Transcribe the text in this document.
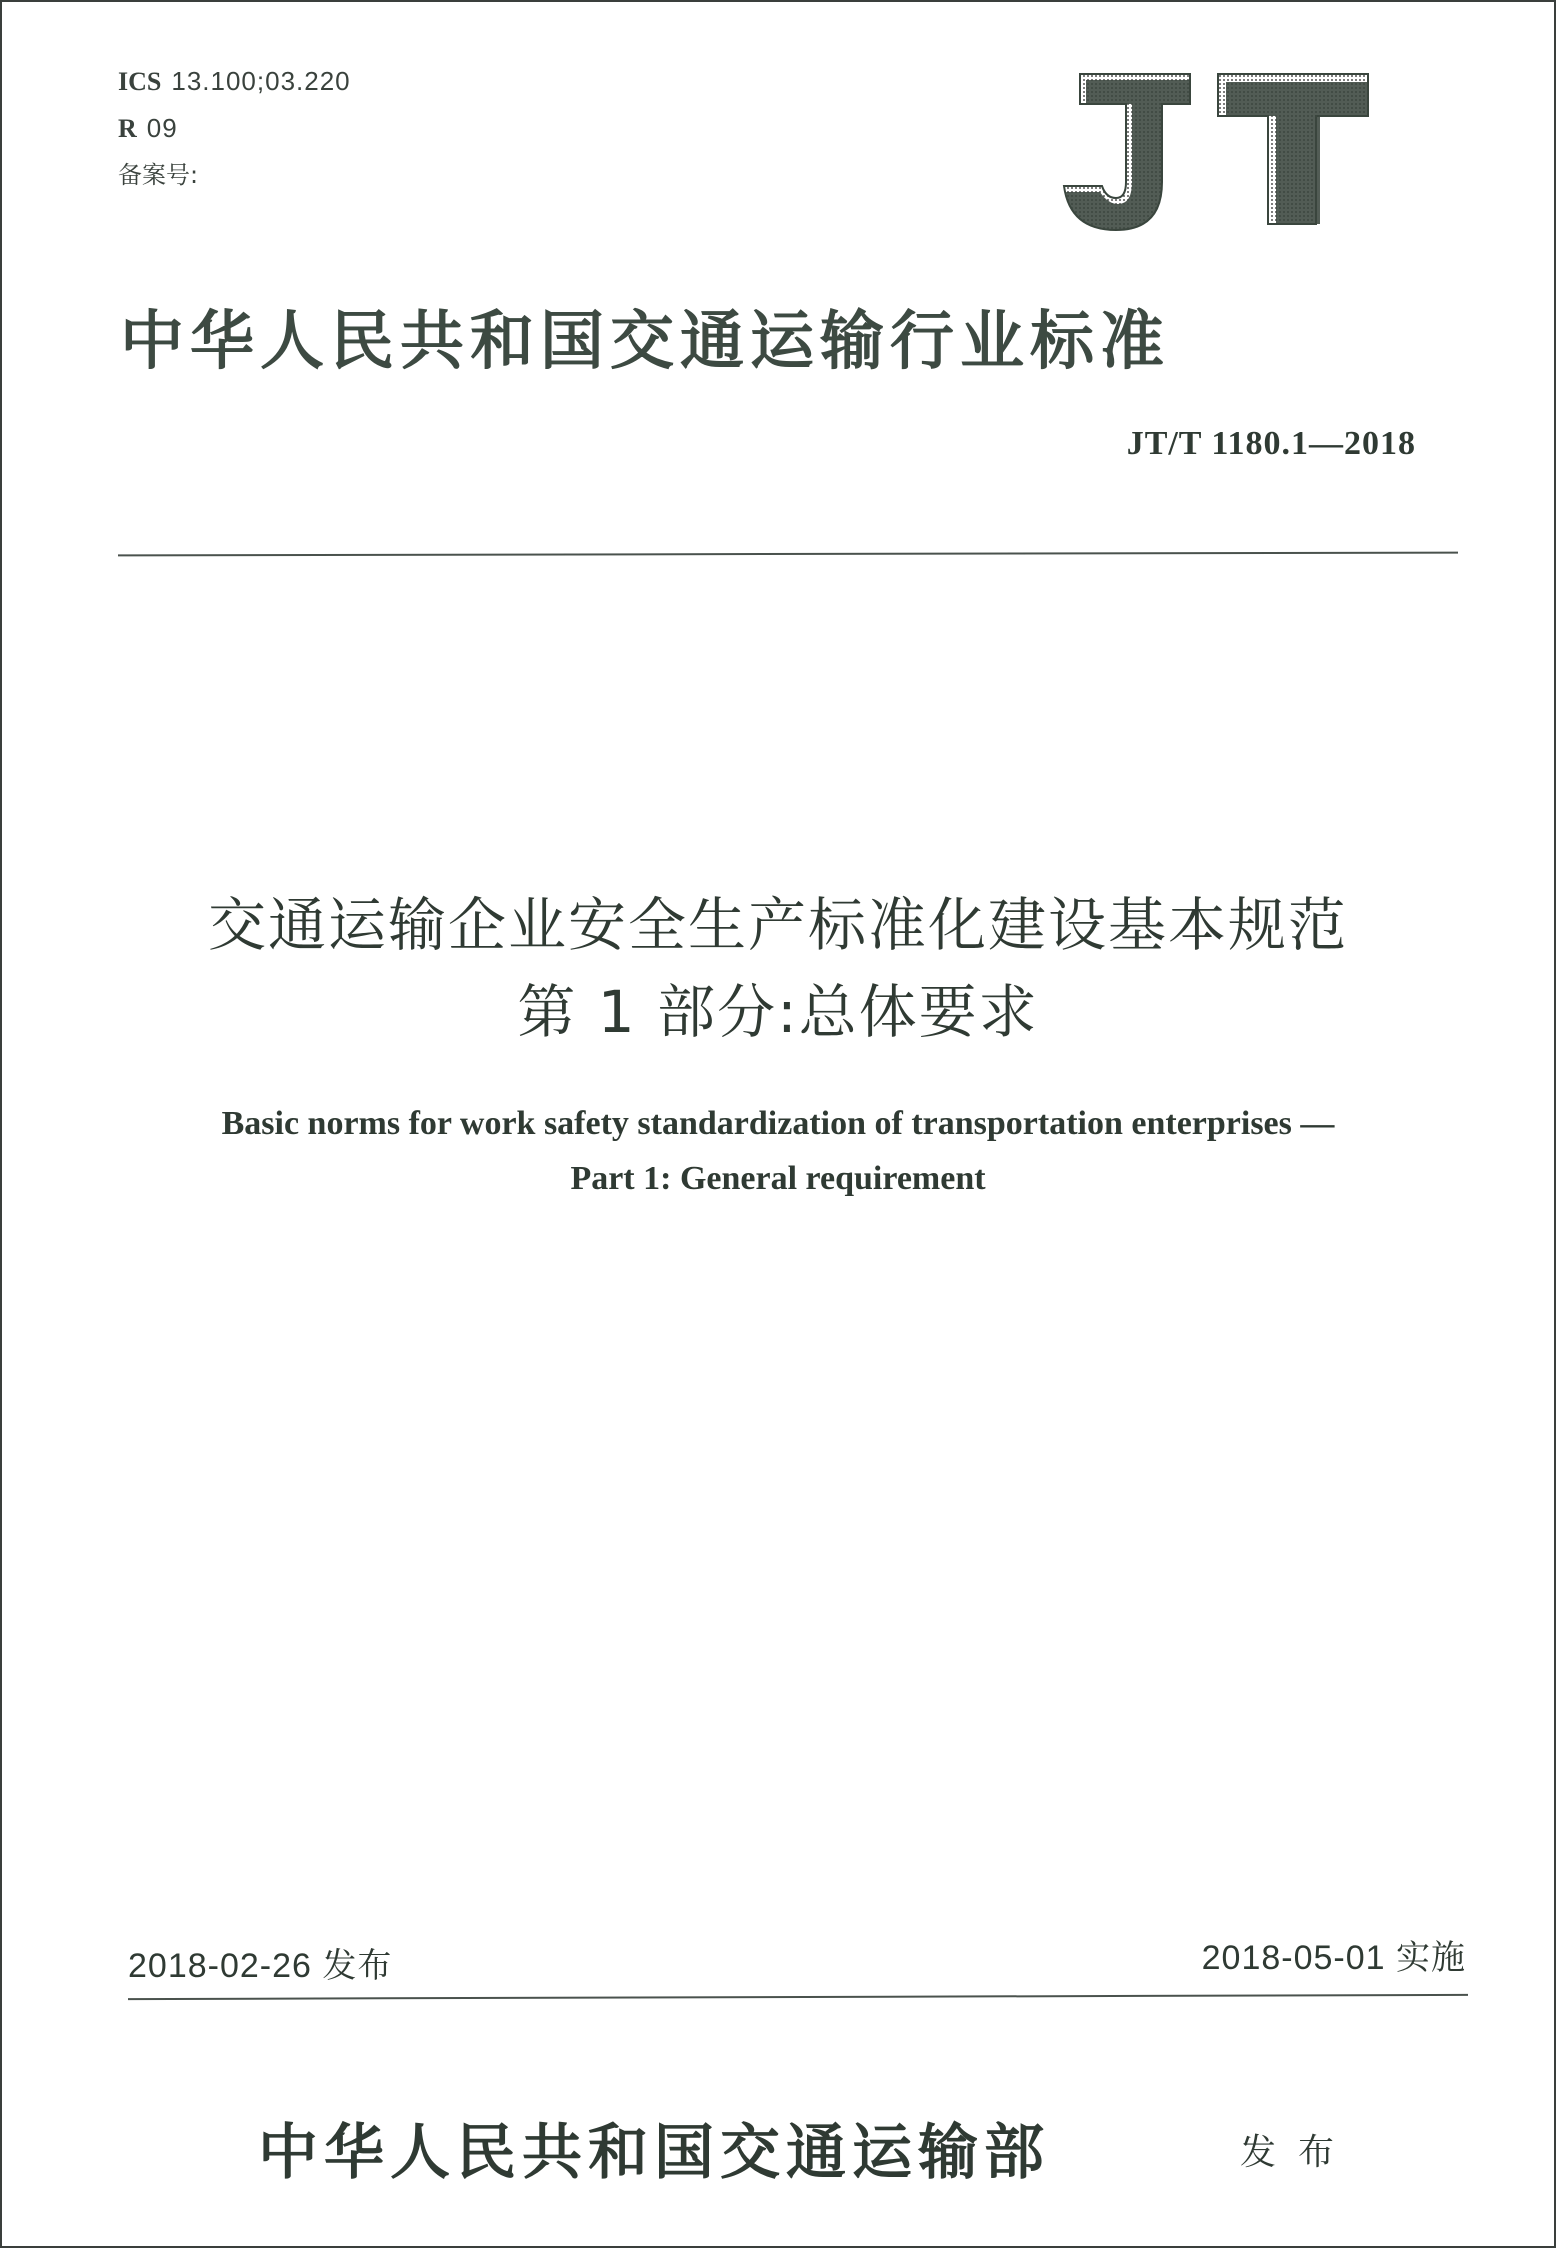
ICS 13.100;03.220
R 09
备案号:
中华人民共和国交通运输行业标准
JT/T 1180.1—2018
交通运输企业安全生产标准化建设基本规范
第 1 部分:总体要求
Basic norms for work safety standardization of transportation enterprises —
Part 1: General requirement
2018-02-26 发布	2018-05-01 实施
中华人民共和国交通运输部	发布
